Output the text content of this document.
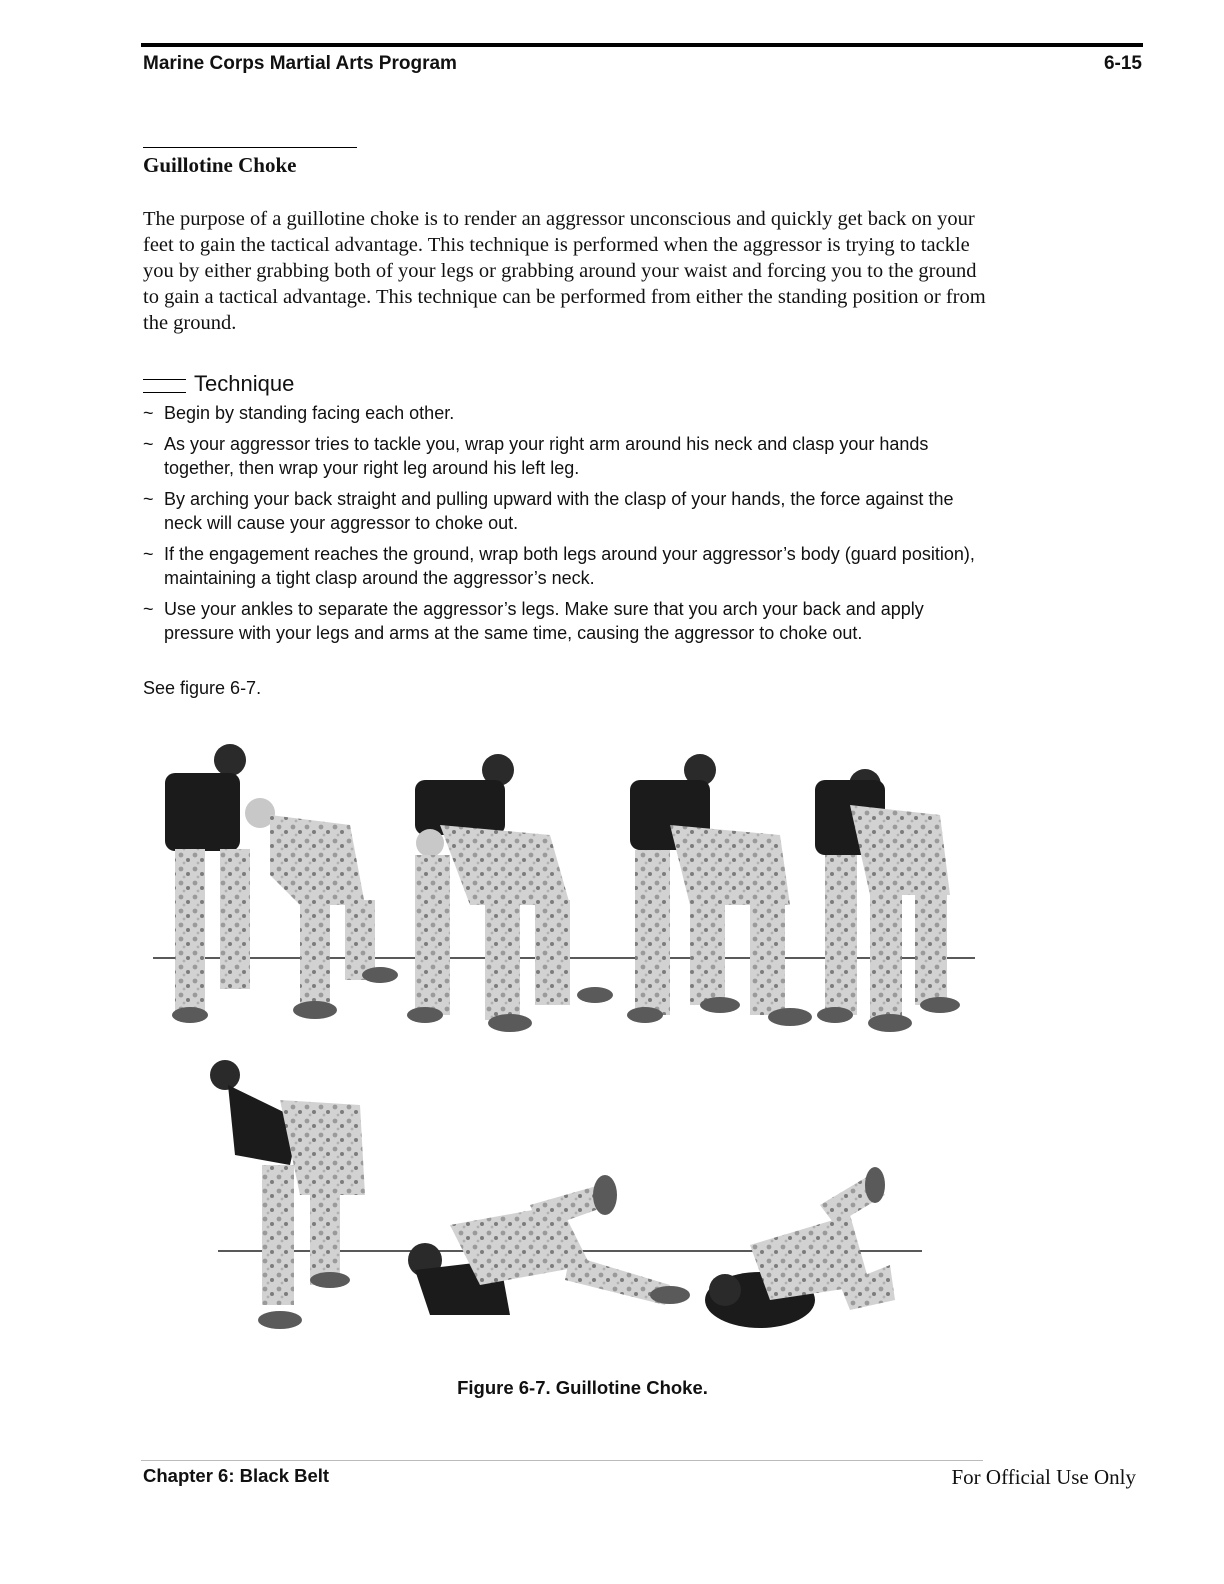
Marine Corps Martial Arts Program	6-15
Guillotine Choke

The purpose of a guillotine choke is to render an aggressor unconscious and quickly get back on your feet to gain the tactical advantage. This technique is performed when the aggressor is trying to tackle you by either grabbing both of your legs or grabbing around your waist and forcing you to the ground to gain a tactical advantage. This technique can be performed from either the standing position or from the ground.

Technique
~ Begin by standing facing each other.
~ As your aggressor tries to tackle you, wrap your right arm around his neck and clasp your hands together, then wrap your right leg around his left leg.
~ By arching your back straight and pulling upward with the clasp of your hands, the force against the neck will cause your aggressor to choke out.
~ If the engagement reaches the ground, wrap both legs around your aggressor’s body (guard position), maintaining a tight clasp around the aggressor’s neck.
~ Use your ankles to separate the aggressor’s legs. Make sure that you arch your back and apply pressure with your legs and arms at the same time, causing the aggressor to choke out.
See figure 6-7.
Figure 6-7. Guillotine Choke.
Chapter 6: Black Belt	For Official Use Only
